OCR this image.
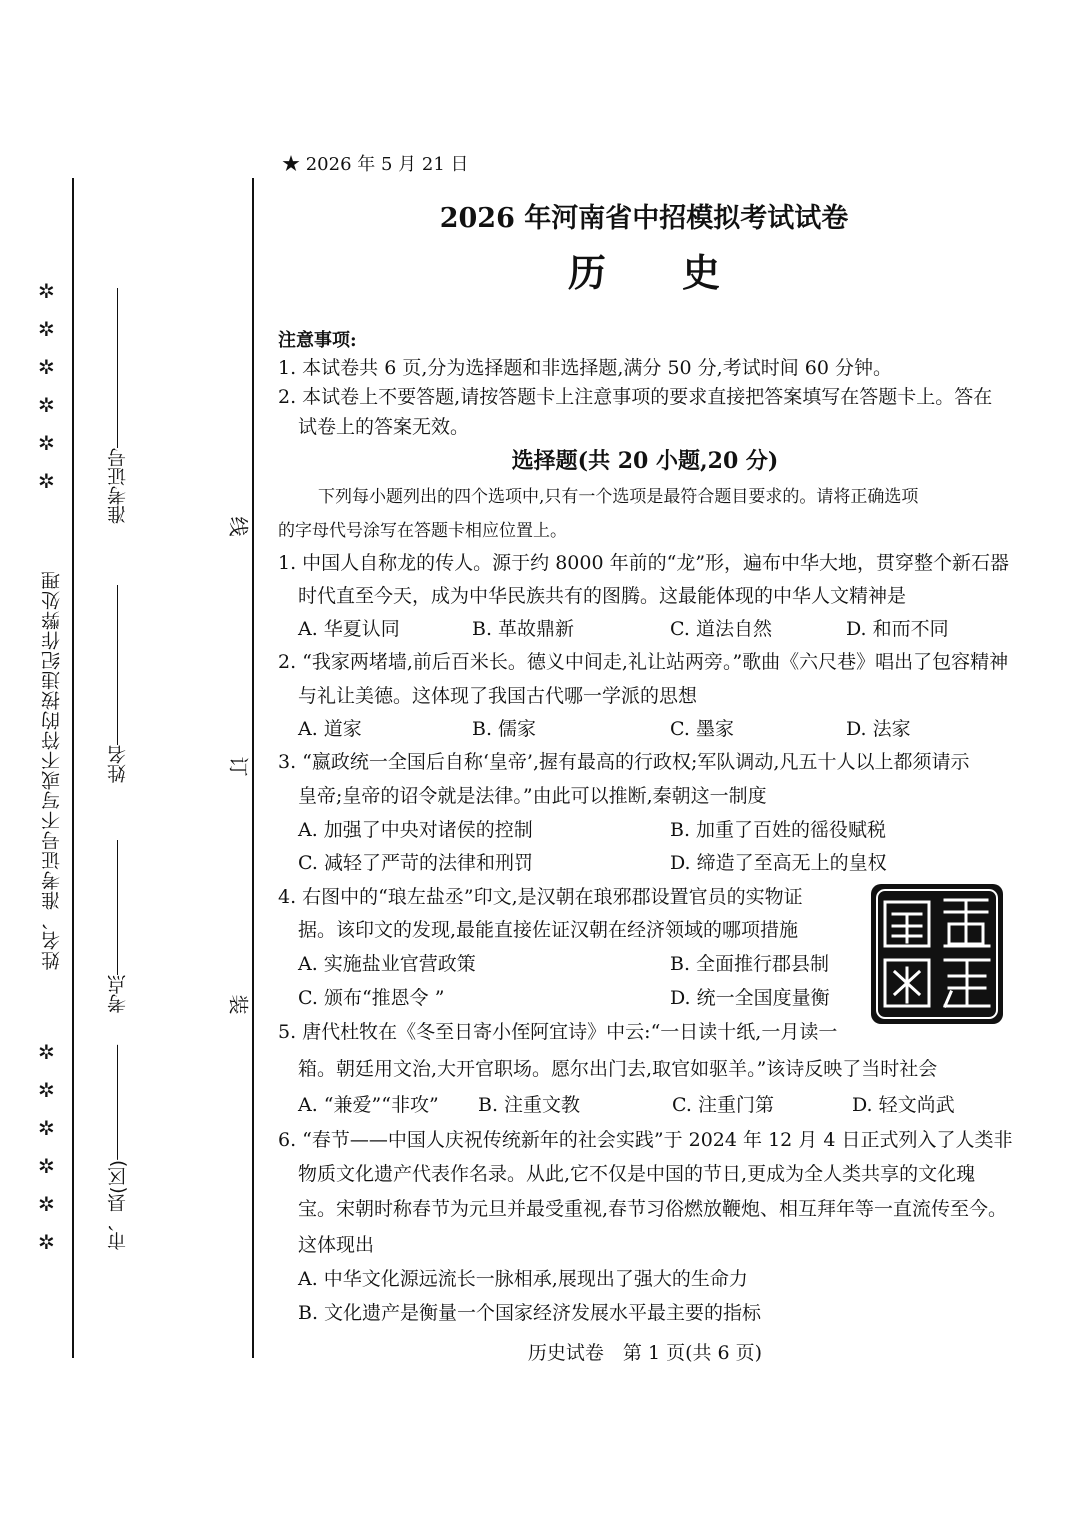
姓名、准考证号不写或不符的按违纪作弊处理
✲
✲
✲
✲
✲
✲
✲
✲
✲
✲
✲
✲
准考证号
姓名
考点
市、县(区)
线
订
装
★ 2026 年 5 月 21 日
2026 年河南省中招模拟考试试卷
历　　史
注意事项:
1. 本试卷共 6 页,分为选择题和非选择题,满分 50 分,考试时间 60 分钟。
2. 本试卷上不要答题,请按答题卡上注意事项的要求直接把答案填写在答题卡上。答在
试卷上的答案无效。
选择题(共 20 小题,20 分)
下列每小题列出的四个选项中,只有一个选项是最符合题目要求的。请将正确选项
的字母代号涂写在答题卡相应位置上。
1. 中国人自称龙的传人。源于约 8000 年前的“龙”形，遍布中华大地，贯穿整个新石器
时代直至今天，成为中华民族共有的图腾。这最能体现的中华人文精神是
A. 华夏认同	B. 革故鼎新	C. 道法自然	D. 和而不同
2. “我家两堵墙,前后百米长。德义中间走,礼让站两旁。”歌曲《六尺巷》唱出了包容精神
与礼让美德。这体现了我国古代哪一学派的思想
A. 道家	B. 儒家	C. 墨家	D. 法家
3. “嬴政统一全国后自称‘皇帝’,握有最高的行政权;军队调动,凡五十人以上都须请示
皇帝;皇帝的诏令就是法律。”由此可以推断,秦朝这一制度
A. 加强了中央对诸侯的控制	B. 加重了百姓的徭役赋税
C. 减轻了严苛的法律和刑罚	D. 缔造了至高无上的皇权
4. 右图中的“琅左盐丞”印文,是汉朝在琅邪郡设置官员的实物证
据。该印文的发现,最能直接佐证汉朝在经济领域的哪项措施
A. 实施盐业官营政策	B. 全面推行郡县制
C. 颁布“推恩令 ”	D. 统一全国度量衡
5. 唐代杜牧在《冬至日寄小侄阿宜诗》中云:“一日读十纸,一月读一
箱。朝廷用文治,大开官职场。愿尔出门去,取官如驱羊。”该诗反映了当时社会
A. “兼爱”“非攻” B. 注重文教	C. 注重门第	D. 轻文尚武
6. “春节——中国人庆祝传统新年的社会实践”于 2024 年 12 月 4 日正式列入了人类非
物质文化遗产代表作名录。从此,它不仅是中国的节日,更成为全人类共享的文化瑰
宝。宋朝时称春节为元旦并最受重视,春节习俗燃放鞭炮、相互拜年等一直流传至今。
这体现出
A. 中华文化源远流长一脉相承,展现出了强大的生命力
B. 文化遗产是衡量一个国家经济发展水平最主要的指标
历史试卷　第 1 页(共 6 页)
